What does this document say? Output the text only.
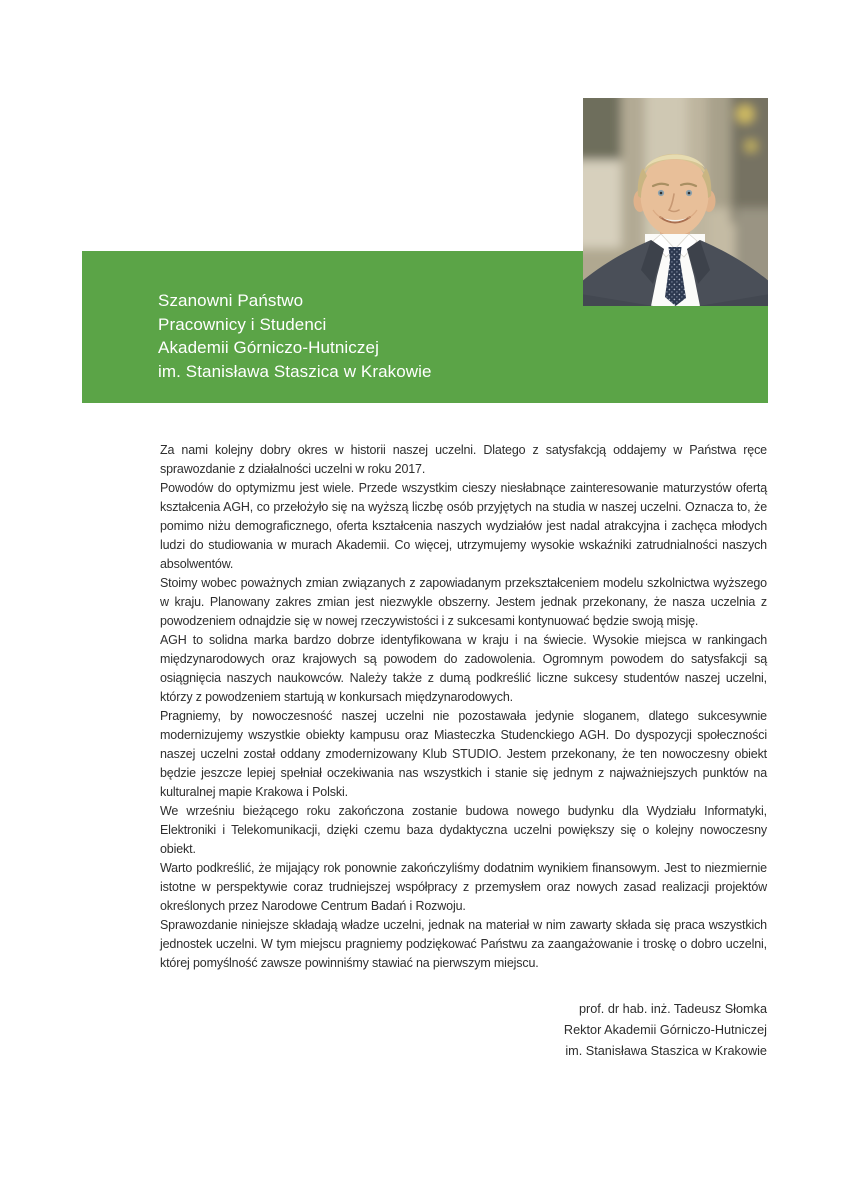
Szanowni Państwo
Pracownicy i Studenci
Akademii Górniczo-Hutniczej
im. Stanisława Staszica w Krakowie

Za nami kolejny dobry okres w historii naszej uczelni. Dlatego z satysfakcją oddajemy w Państwa ręce sprawozdanie z działalności uczelni w roku 2017.

Powodów do optymizmu jest wiele. Przede wszystkim cieszy niesłabnące zainteresowanie maturzystów ofertą kształcenia AGH, co przełożyło się na wyższą liczbę osób przyjętych na studia w naszej uczelni. Oznacza to, że pomimo niżu demograficznego, oferta kształcenia naszych wydziałów jest nadal atrakcyjna i zachęca młodych ludzi do studiowania w murach Akademii. Co więcej, utrzymujemy wysokie wskaźniki zatrudnialności naszych absolwentów.

Stoimy wobec poważnych zmian związanych z zapowiadanym przekształceniem modelu szkolnictwa wyższego w kraju. Planowany zakres zmian jest niezwykle obszerny. Jestem jednak przekonany, że nasza uczelnia z powodzeniem odnajdzie się w nowej rzeczywistości i z sukcesami kontynuować będzie swoją misję.

AGH to solidna marka bardzo dobrze identyfikowana w kraju i na świecie. Wysokie miejsca w rankingach międzynarodowych oraz krajowych są powodem do zadowolenia. Ogromnym powodem do satysfakcji są osiągnięcia naszych naukowców. Należy także z dumą podkreślić liczne sukcesy studentów naszej uczelni, którzy z powodzeniem startują w konkursach międzynarodowych.

Pragniemy, by nowoczesność naszej uczelni nie pozostawała jedynie sloganem, dlatego sukcesywnie modernizujemy wszystkie obiekty kampusu oraz Miasteczka Studenckiego AGH. Do dyspozycji społeczności naszej uczelni został oddany zmodernizowany Klub STUDIO. Jestem przekonany, że ten nowoczesny obiekt będzie jeszcze lepiej spełniał oczekiwania nas wszystkich i stanie się jednym z najważniejszych punktów na kulturalnej mapie Krakowa i Polski.

We wrześniu bieżącego roku zakończona zostanie budowa nowego budynku dla Wydziału Informatyki, Elektroniki i Telekomunikacji, dzięki czemu baza dydaktyczna uczelni powiększy się o kolejny nowoczesny obiekt.

Warto podkreślić, że mijający rok ponownie zakończyliśmy dodatnim wynikiem finansowym. Jest to niezmiernie istotne w perspektywie coraz trudniejszej współpracy z przemysłem oraz nowych zasad realizacji projektów określonych przez Narodowe Centrum Badań i Rozwoju.

Sprawozdanie niniejsze składają władze uczelni, jednak na materiał w nim zawarty składa się praca wszystkich jednostek uczelni. W tym miejscu pragniemy podziękować Państwu za zaangażowanie i troskę o dobro uczelni, której pomyślność zawsze powinniśmy stawiać na pierwszym miejscu.

prof. dr hab. inż. Tadeusz Słomka
Rektor Akademii Górniczo-Hutniczej
im. Stanisława Staszica w Krakowie
